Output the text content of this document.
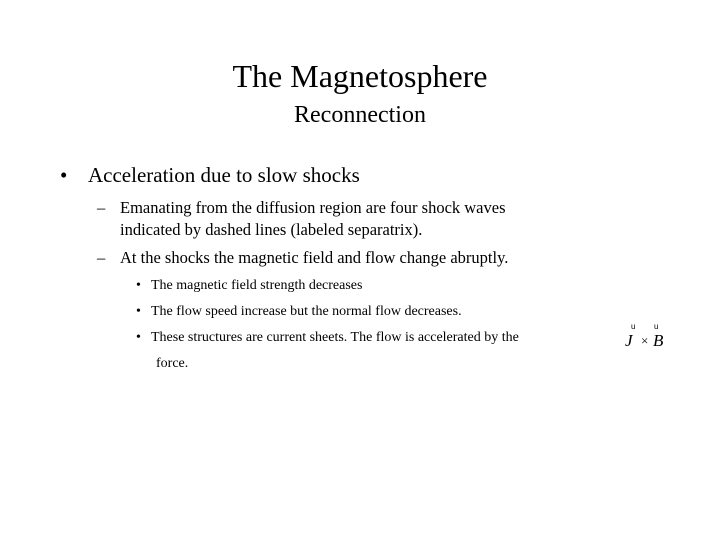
The Magnetosphere
Reconnection
• Acceleration due to slow shocks
– Emanating from the diffusion region are four shock waves
indicated by dashed lines (labeled separatrix).
– At the shocks the magnetic field and flow change abruptly.
• The magnetic field strength decreases
• The flow speed increase but the normal flow decreases.
• These structures are current sheets. The flow is accelerated by the
force.
u u
J × B
